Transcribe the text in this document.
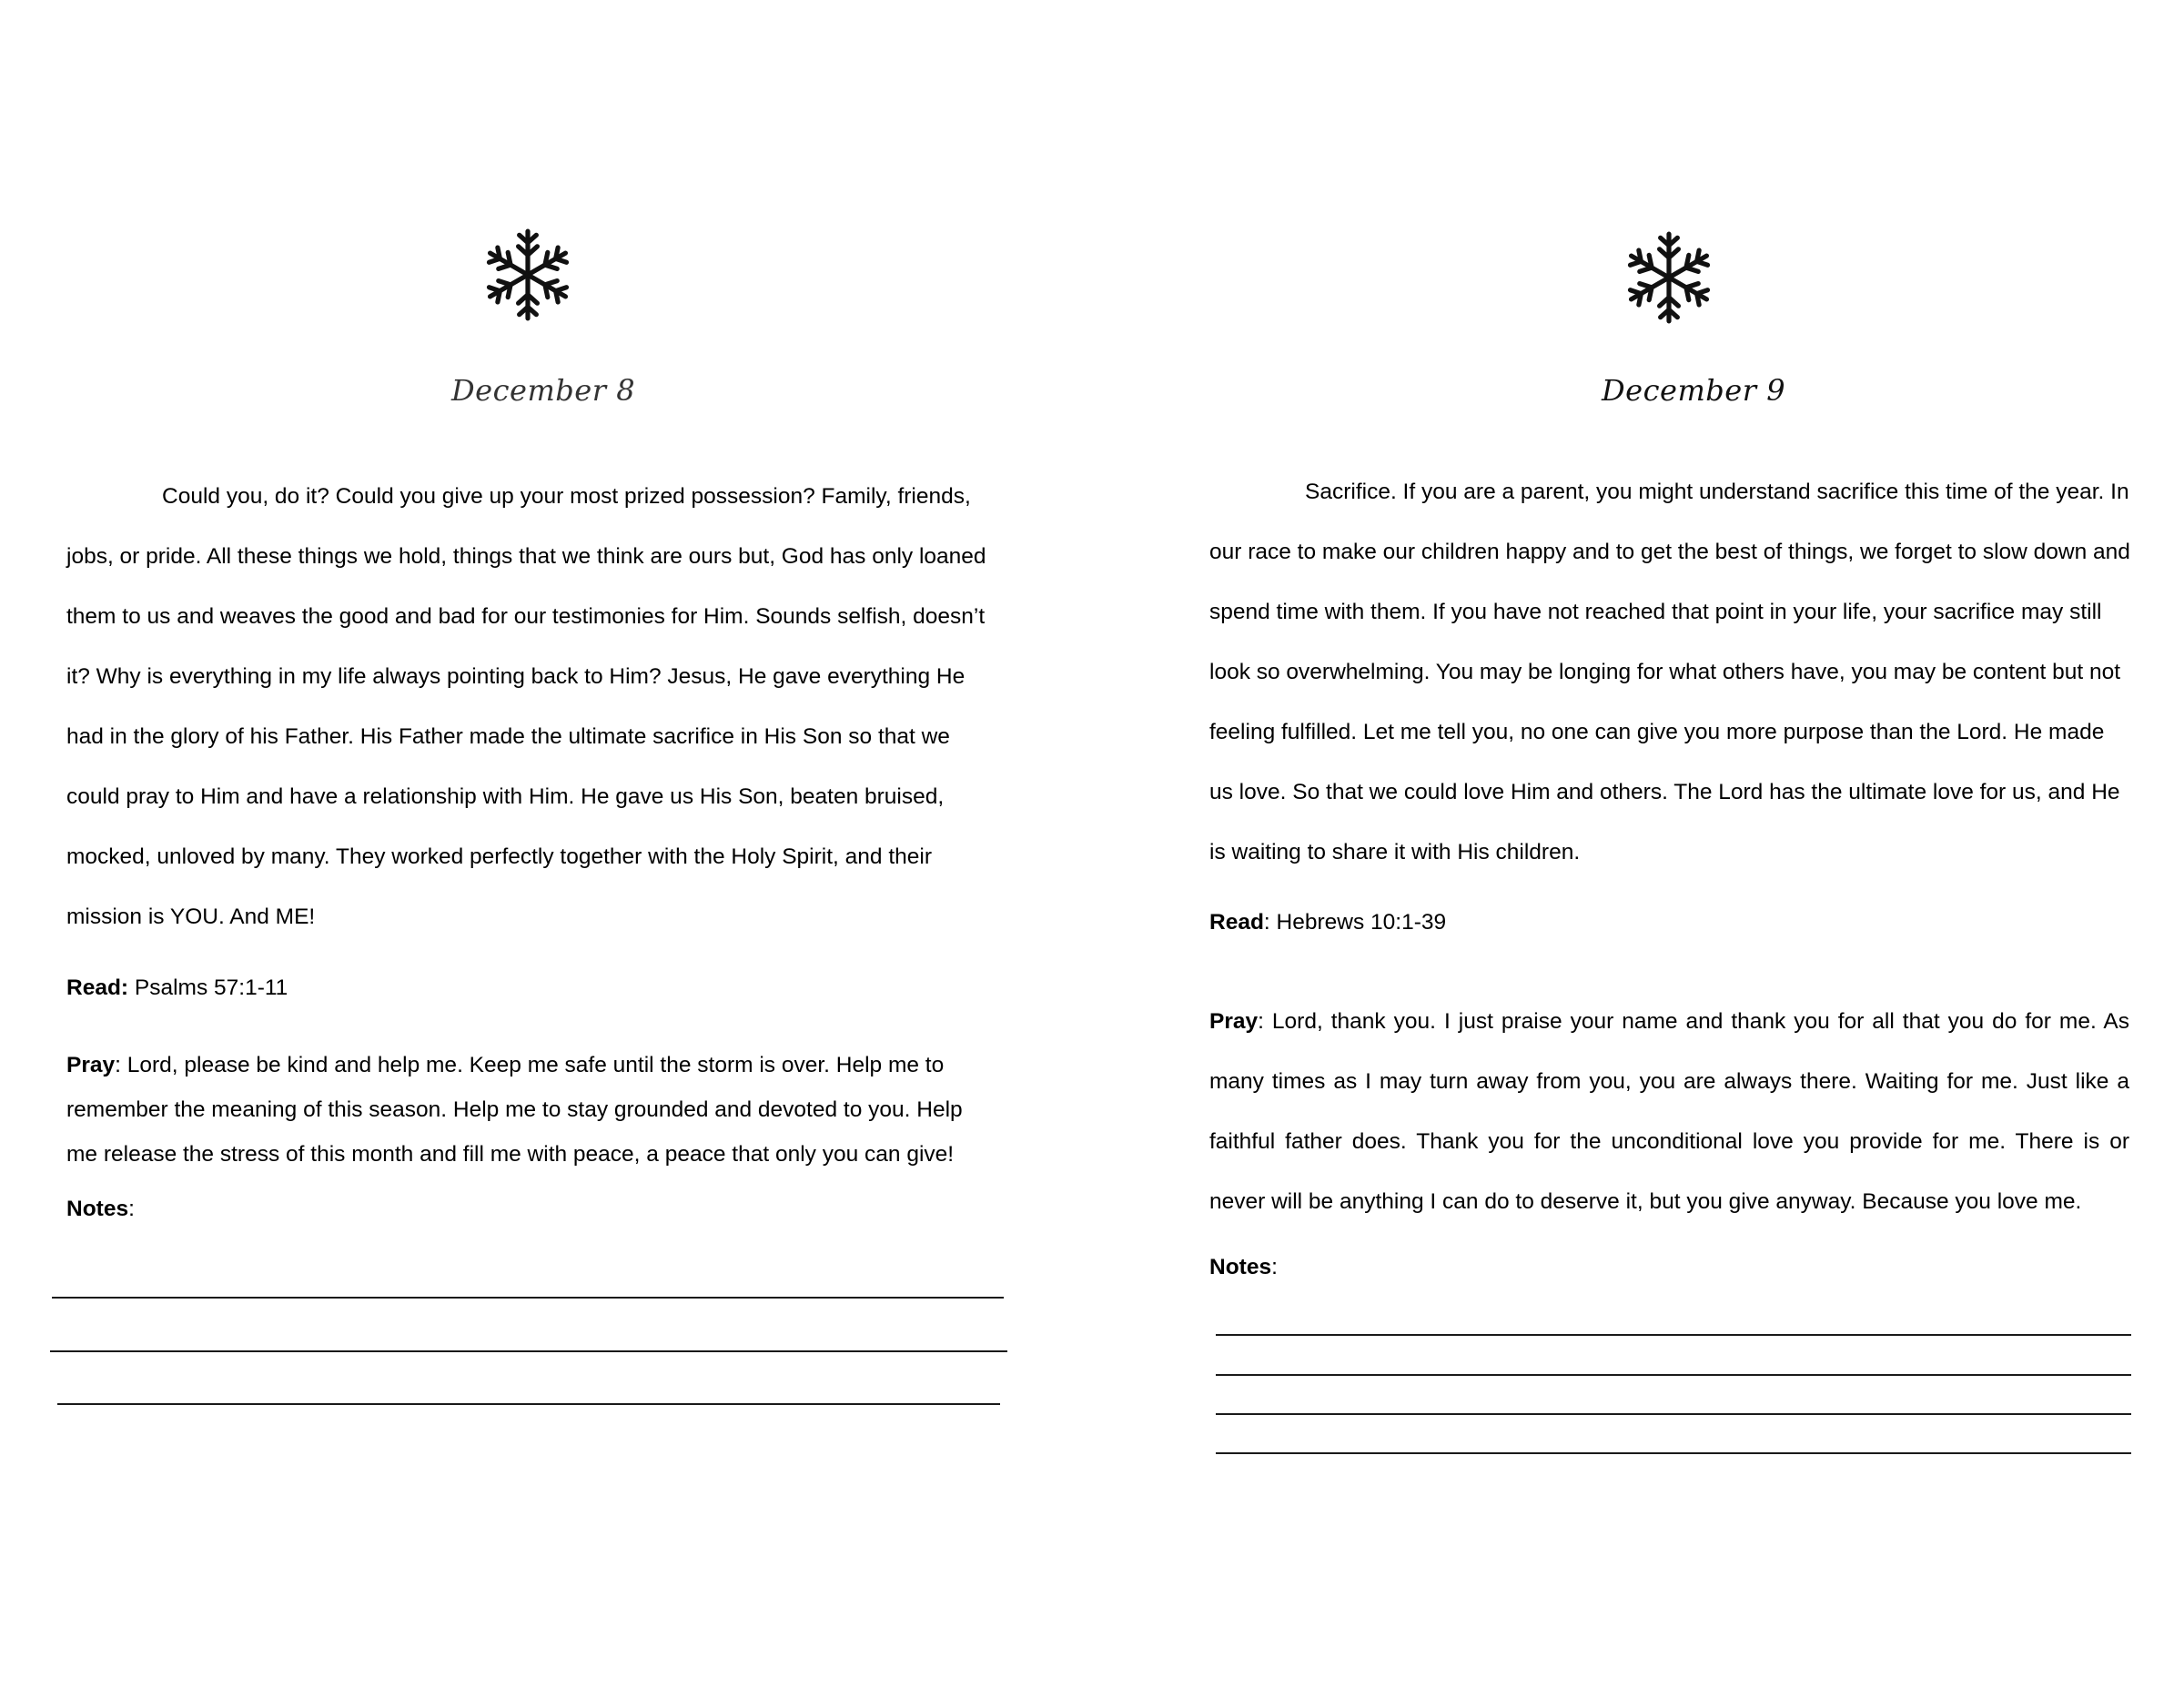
December 8

Could you, do it? Could you give up your most prized possession? Family, friends, jobs, or pride. All these things we hold, things that we think are ours but, God has only loaned them to us and weaves the good and bad for our testimonies for Him. Sounds selfish, doesn’t it? Why is everything in my life always pointing back to Him? Jesus, He gave everything He had in the glory of his Father. His Father made the ultimate sacrifice in His Son so that we could pray to Him and have a relationship with Him. He gave us His Son, beaten bruised, mocked, unloved by many. They worked perfectly together with the Holy Spirit, and their mission is YOU. And ME!

Read: Psalms 57:1-11
Pray: Lord, please be kind and help me. Keep me safe until the storm is over. Help me to remember the meaning of this season. Help me to stay grounded and devoted to you. Help me release the stress of this month and fill me with peace, a peace that only you can give!
Notes:
December 9

Sacrifice. If you are a parent, you might understand sacrifice this time of the year. In our race to make our children happy and to get the best of things, we forget to slow down and spend time with them. If you have not reached that point in your life, your sacrifice may still look so overwhelming. You may be longing for what others have, you may be content but not feeling fulfilled. Let me tell you, no one can give you more purpose than the Lord. He made us love. So that we could love Him and others. The Lord has the ultimate love for us, and He is waiting to share it with His children.

Read: Hebrews 10:1-39
Pray: Lord, thank you. I just praise your name and thank you for all that you do for me. As many times as I may turn away from you, you are always there. Waiting for me. Just like a faithful father does. Thank you for the unconditional love you provide for me. There is or never will be anything I can do to deserve it, but you give anyway. Because you love me.
Notes:
